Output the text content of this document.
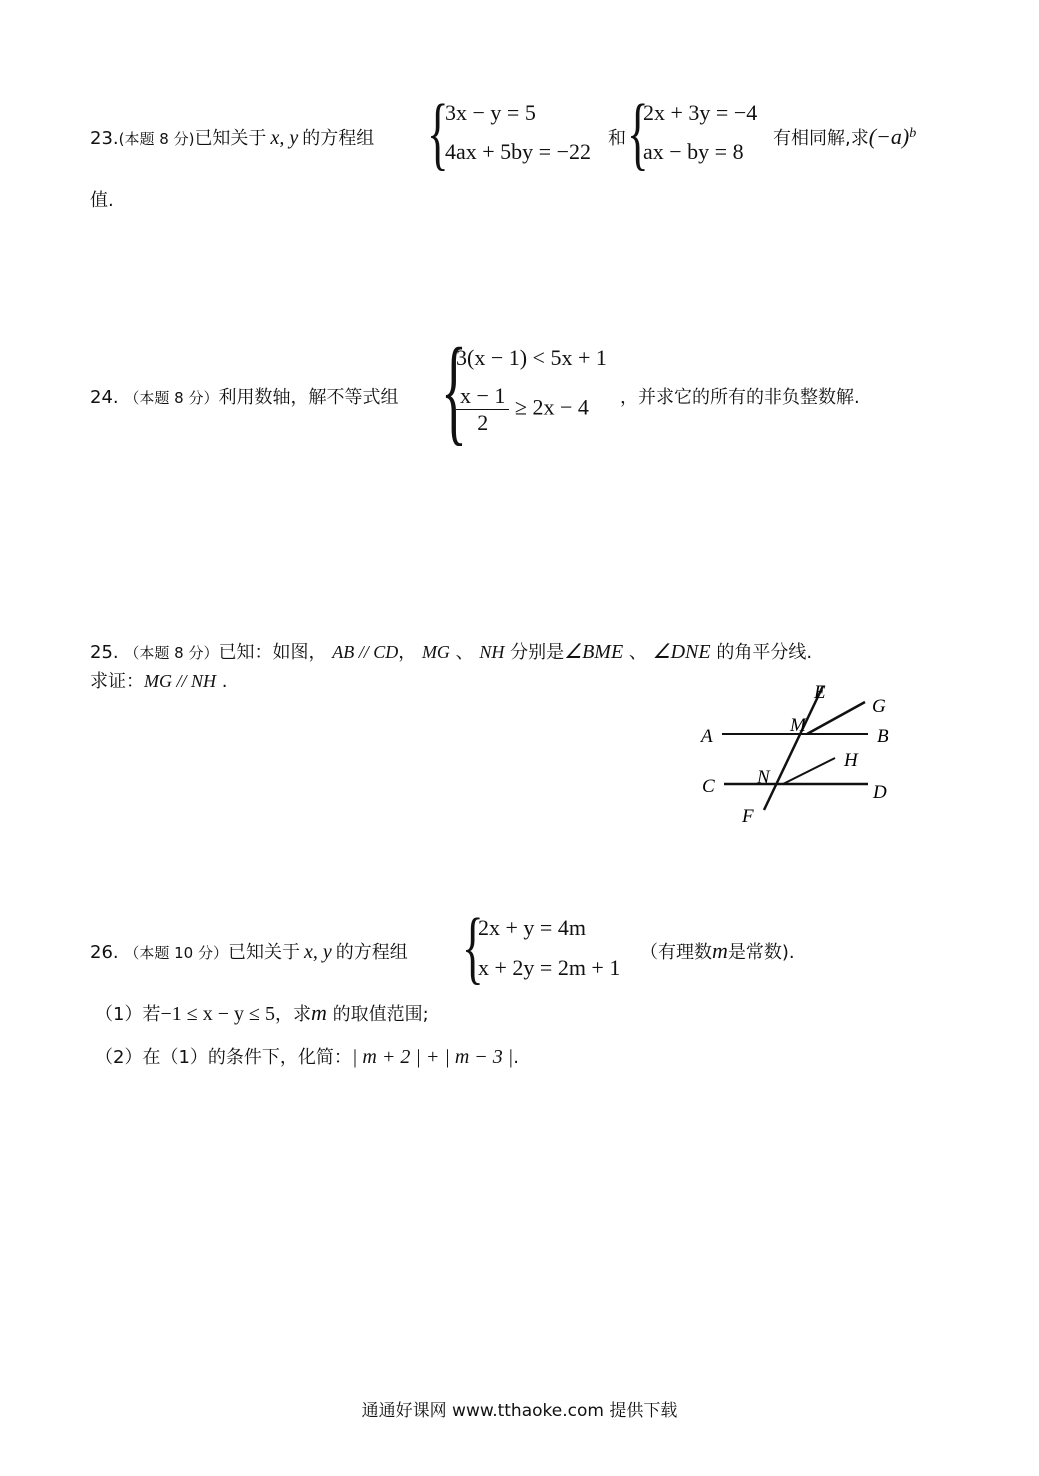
23.(本题 8 分)已知关于 x, y 的方程组 {
3x − y = 5
4ax + 5by = −22
和 {
2x + 3y = −4
ax − by = 8
有相同解,求$(-a)^b$
值.
24. （本题 8 分）利用数轴，解不等式组 {
3(x − 1) < 5x + 1
$\frac{x - 1}{2} \ge 2x - 4$ ，并求它的所有的非负整数解.
25. （本题 8 分）已知：如图， AB // CD， MG 、 NH 分别是∠BME 、 ∠DNE 的角平分线.
求证：MG // NH .
E
G
M
A	B
H
N
C	D
F
26. （本题 10 分）已知关于 x, y 的方程组 {
2x + y = 4m
x + 2y = 2m + 1
（有理数m是常数).
（1）若−1 ≤ x − y ≤ 5，求m 的取值范围;
（2）在（1）的条件下，化简：| m + 2 | + | m − 3 |.
通通好课网 www.tthaoke.com 提供下载
